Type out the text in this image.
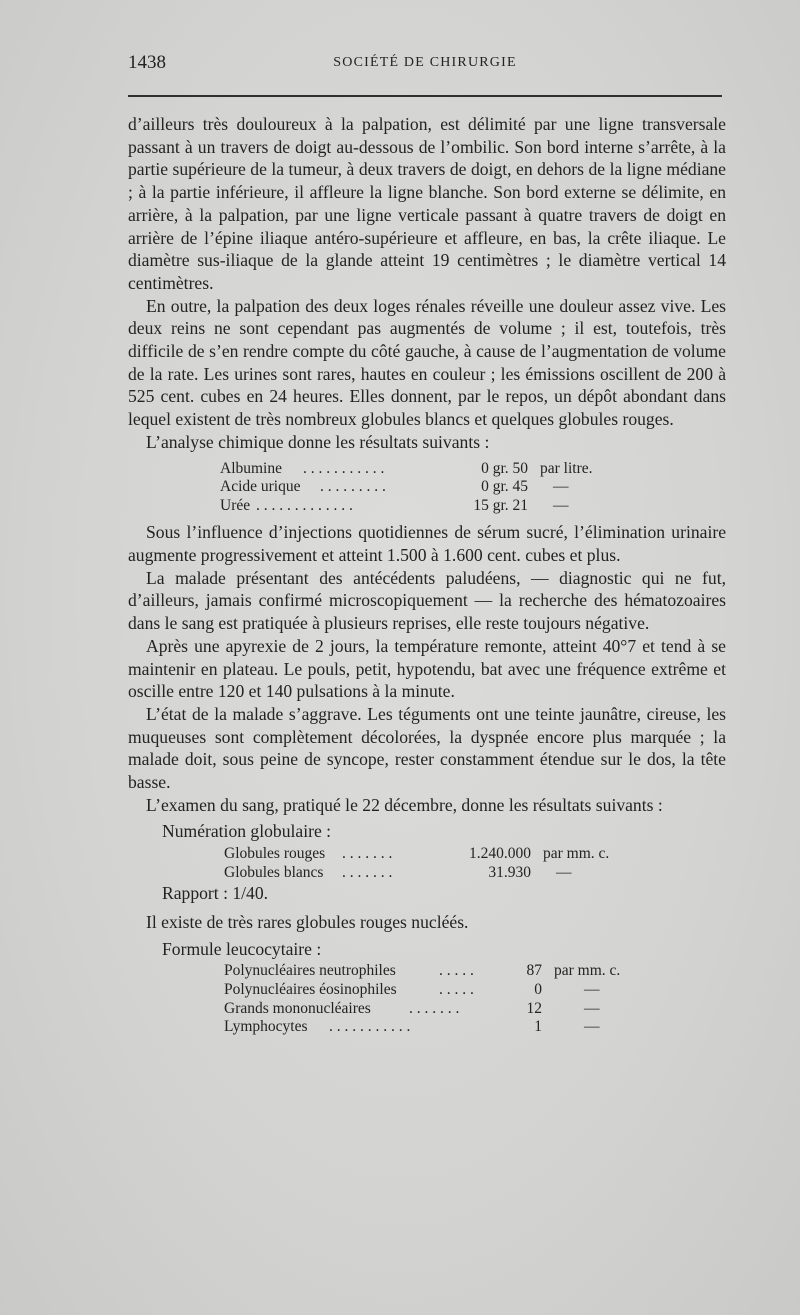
1438	SOCIÉTÉ DE CHIRURGIE

d’ailleurs très douloureux à la palpation, est délimité par une ligne transversale passant à un travers de doigt au-dessous de l’ombilic. Son bord interne s’arrête, à la partie supérieure de la tumeur, à deux travers de doigt, en dehors de la ligne médiane ; à la partie inférieure, il affleure la ligne blanche. Son bord externe se délimite, en arrière, à la palpation, par une ligne verticale passant à quatre travers de doigt en arrière de l’épine iliaque antéro-supérieure et affleure, en bas, la crête iliaque. Le diamètre sus-iliaque de la glande atteint 19 centimètres ; le diamètre vertical 14 centimètres.

En outre, la palpation des deux loges rénales réveille une douleur assez vive. Les deux reins ne sont cependant pas augmentés de volume ; il est, toutefois, très difficile de s’en rendre compte du côté gauche, à cause de l’augmentation de volume de la rate. Les urines sont rares, hautes en couleur ; les émissions oscillent de 200 à 525 cent. cubes en 24 heures. Elles donnent, par le repos, un dépôt abondant dans lequel existent de très nombreux globules blancs et quelques globules rouges.

L’analyse chimique donne les résultats suivants :

Albumine	. . . . . . . . . . .	0 gr. 50 par litre.
Acide urique	. . . . . . . . .	0 gr. 45 —
Urée . . . . . . . . . . . . .	15 gr. 21 —

Sous l’influence d’injections quotidiennes de sérum sucré, l’élimination urinaire augmente progressivement et atteint 1.500 à 1.600 cent. cubes et plus.

La malade présentant des antécédents paludéens, — diagnostic qui ne fut, d’ailleurs, jamais confirmé microscopiquement — la recherche des hématozoaires dans le sang est pratiquée à plusieurs reprises, elle reste toujours négative.

Après une apyrexie de 2 jours, la température remonte, atteint 40°7 et tend à se maintenir en plateau. Le pouls, petit, hypotendu, bat avec une fréquence extrême et oscille entre 120 et 140 pulsations à la minute.

L’état de la malade s’aggrave. Les téguments ont une teinte jaunâtre, cireuse, les muqueuses sont complètement décolorées, la dyspnée encore plus marquée ; la malade doit, sous peine de syncope, rester constamment étendue sur le dos, la tête basse.

L’examen du sang, pratiqué le 22 décembre, donne les résultats suivants :

Numération globulaire :
Globules rouges	. . . . . . .	1.240.000 par mm. c.
Globules blancs	. . . . . . .	31.930 —
Rapport : 1/40.

Il existe de très rares globules rouges nucléés.

Formule leucocytaire :
Polynucléaires neutrophiles	. . . . .	87 par mm. c.
Polynucléaires éosinophiles	. . . . .	0	—
Grands mononucléaires	. . . . . . .	12	—
Lymphocytes	. . . . . . . . . . .	1	—
